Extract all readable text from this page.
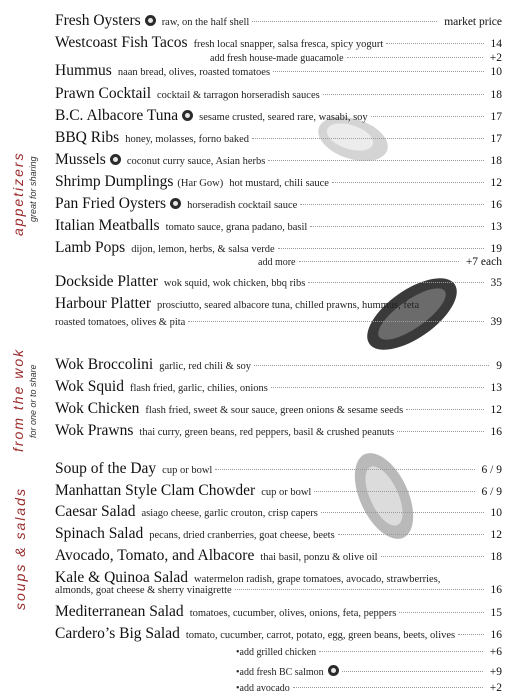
appetizers great for sharing
from the wok for one or to share
soups & salads
Fresh Oysters raw, on the half shell	market price
Westcoast Fish Tacos fresh local snapper, salsa fresca, spicy yogurt	14
add fresh house-made guacamole	+2
Hummus naan bread, olives, roasted tomatoes	10
Prawn Cocktail cocktail & tarragon horseradish sauces	18
B.C. Albacore Tuna sesame crusted, seared rare, wasabi, soy	17
BBQ Ribs honey, molasses, forno baked	17
Mussels coconut curry sauce, Asian herbs	18
Shrimp Dumplings (Har Gow) hot mustard, chili sauce	12
Pan Fried Oysters horseradish cocktail sauce	16
Italian Meatballs tomato sauce, grana padano, basil	13
Lamb Pops dijon, lemon, herbs, & salsa verde	19
add more	+7 each
Dockside Platter wok squid, wok chicken, bbq ribs	35
Harbour Platter prosciutto, seared albacore tuna, chilled prawns, hummus, feta
roasted tomatoes, olives & pita	39
Wok Broccolini garlic, red chili & soy	9
Wok Squid flash fried, garlic, chilies, onions	13
Wok Chicken flash fried, sweet & sour sauce, green onions & sesame seeds	12
Wok Prawns thai curry, green beans, red peppers, basil & crushed peanuts	16
Soup of the Day cup or bowl	6 / 9
Manhattan Style Clam Chowder cup or bowl	6 / 9
Caesar Salad asiago cheese, garlic crouton, crisp capers	10
Spinach Salad pecans, dried cranberries, goat cheese, beets	12
Avocado, Tomato, and Albacore thai basil, ponzu & olive oil	18
Kale & Quinoa Salad watermelon radish, grape tomatoes, avocado, strawberries,
almonds, goat cheese & sherry vinaigrette	16
Mediterranean Salad tomatoes, cucumber, olives, onions, feta, peppers	15
Cardero’s Big Salad tomato, cucumber, carrot, potato, egg, green beans, beets, olives	16
• add grilled chicken	+6
• add fresh BC salmon	+9
• add avocado	+2
